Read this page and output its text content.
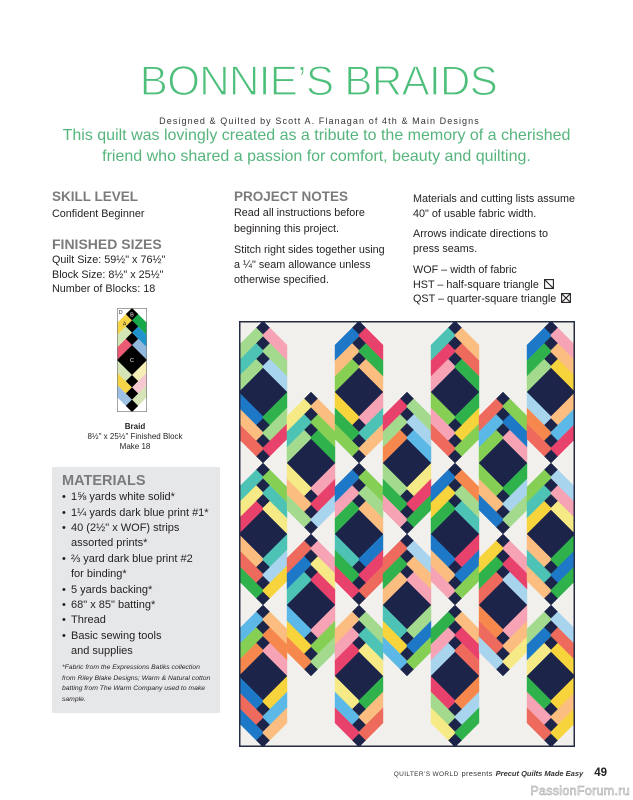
BONNIE’S BRAIDS
Designed & Quilted by Scott A. Flanagan of 4th & Main Designs
This quilt was lovingly created as a tribute to the memory of a cherished
friend who shared a passion for comfort, beauty and quilting.
SKILL LEVEL
Confident Beginner
FINISHED SIZES
Quilt Size: 59½" x 76½"
Block Size: 8½" x 25½"
Number of Blocks: 18
PROJECT NOTES
Read all instructions before
beginning this project.
Stitch right sides together using
a ¼" seam allowance unless
otherwise specified.
Materials and cutting lists assume
40" of usable fabric width.
Arrows indicate directions to
press seams.
WOF – width of fabric
HST – half-square triangle
QST – quarter-square triangle
D B
A
C
Braid
8½" x 25½" Finished Block
Make 18
MATERIALS
• 1⅝ yards white solid*
• 1¼ yards dark blue print #1*
• 40 (2½" x WOF) strips
assorted prints*
• ⅔ yard dark blue print #2
for binding*
• 5 yards backing*
• 68" x 85" batting*
• Thread
• Basic sewing tools
and supplies
*Fabric from the Expressions Batiks collection
from Riley Blake Designs; Warm & Natural cotton
batting from The Warm Company used to make
sample.
QUILTER’S WORLD presents Precut Quilts Made Easy 49
PassionForum.ru
